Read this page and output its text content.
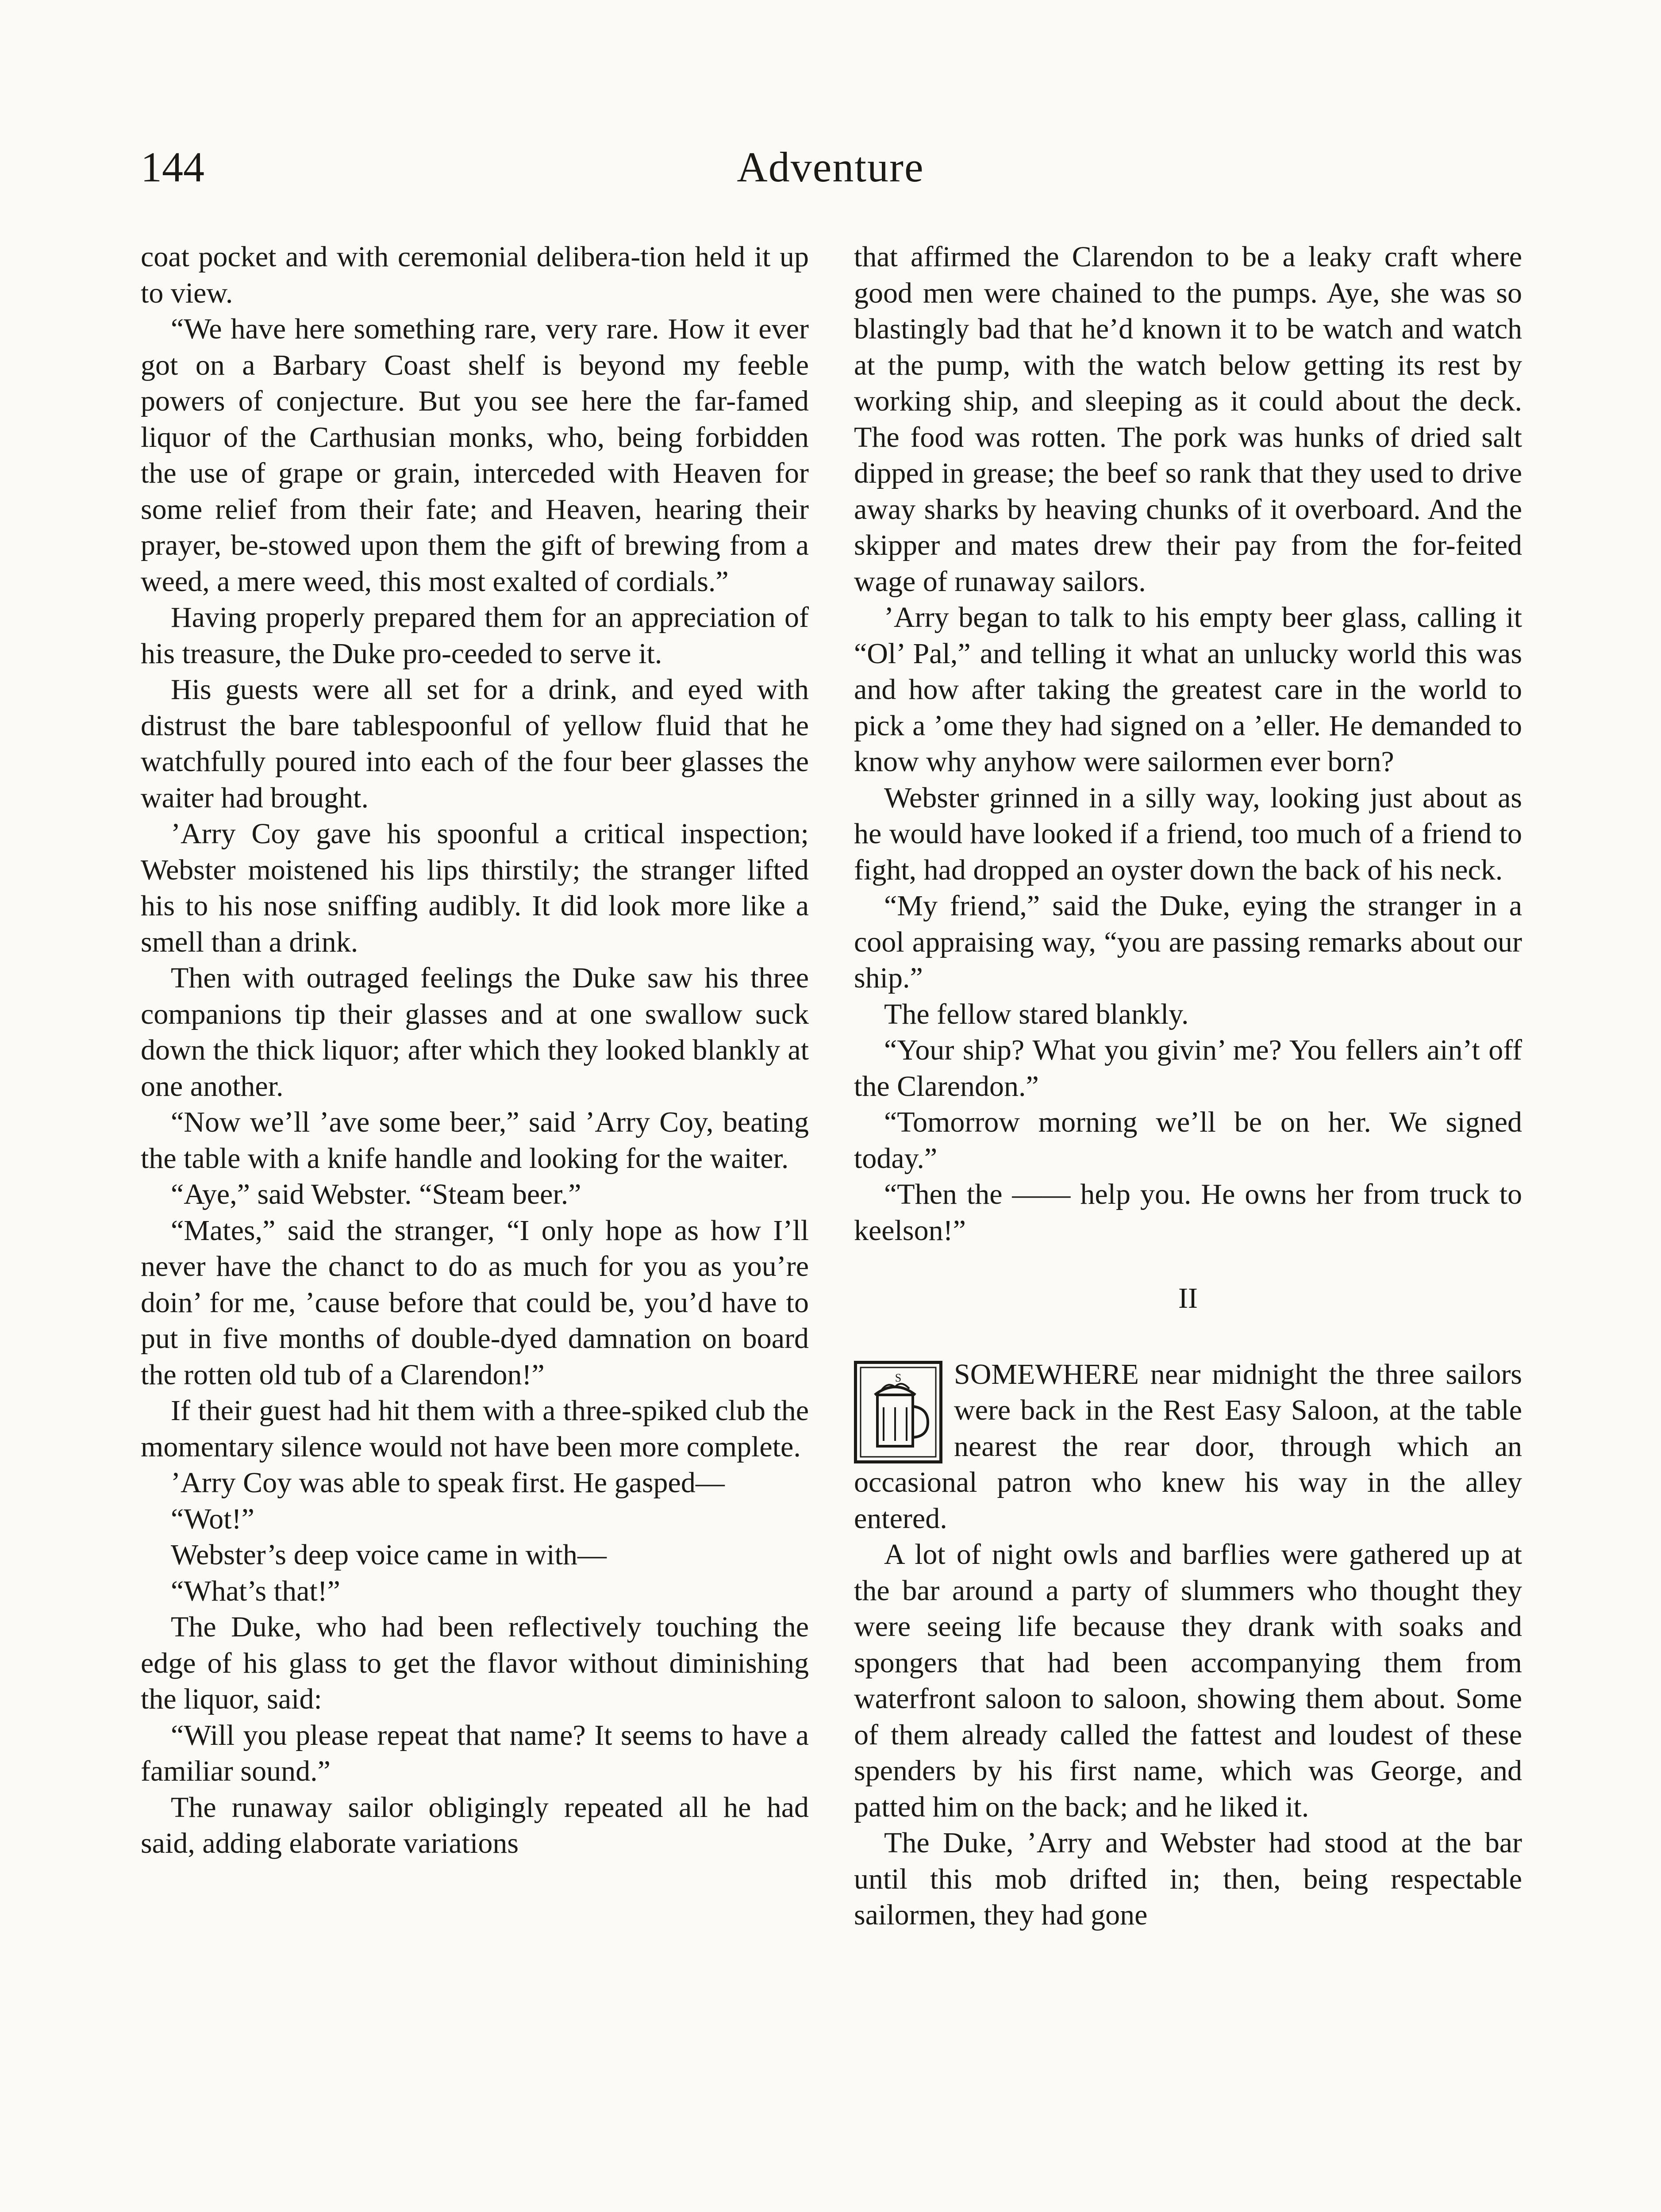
144	Adventure

coat pocket and with ceremonial delibera-tion held it up to view.

“We have here something rare, very rare. How it ever got on a Barbary Coast shelf is beyond my feeble powers of conjecture. But you see here the far-famed liquor of the Carthusian monks, who, being forbidden the use of grape or grain, interceded with Heaven for some relief from their fate; and Heaven, hearing their prayer, be-stowed upon them the gift of brewing from a weed, a mere weed, this most exalted of cordials.”

Having properly prepared them for an appreciation of his treasure, the Duke pro-ceeded to serve it.

His guests were all set for a drink, and eyed with distrust the bare tablespoonful of yellow fluid that he watchfully poured into each of the four beer glasses the waiter had brought.

’Arry Coy gave his spoonful a critical inspection; Webster moistened his lips thirstily; the stranger lifted his to his nose sniffing audibly. It did look more like a smell than a drink.

Then with outraged feelings the Duke saw his three companions tip their glasses and at one swallow suck down the thick liquor; after which they looked blankly at one another.

“Now we’ll ’ave some beer,” said ’Arry Coy, beating the table with a knife handle and looking for the waiter.

“Aye,” said Webster. “Steam beer.”

“Mates,” said the stranger, “I only hope as how I’ll never have the chanct to do as much for you as you’re doin’ for me, ’cause before that could be, you’d have to put in five months of double-dyed damnation on board the rotten old tub of a Clarendon!”

If their guest had hit them with a three-spiked club the momentary silence would not have been more complete.

’Arry Coy was able to speak first. He gasped—

“Wot!”

Webster’s deep voice came in with—

“What’s that!”

The Duke, who had been reflectively touching the edge of his glass to get the flavor without diminishing the liquor, said:

“Will you please repeat that name? It seems to have a familiar sound.”

The runaway sailor obligingly repeated all he had said, adding elaborate variations

that affirmed the Clarendon to be a leaky craft where good men were chained to the pumps. Aye, she was so blastingly bad that he’d known it to be watch and watch at the pump, with the watch below getting its rest by working ship, and sleeping as it could about the deck. The food was rotten. The pork was hunks of dried salt dipped in grease; the beef so rank that they used to drive away sharks by heaving chunks of it overboard. And the skipper and mates drew their pay from the for-feited wage of runaway sailors.

’Arry began to talk to his empty beer glass, calling it “Ol’ Pal,” and telling it what an unlucky world this was and how after taking the greatest care in the world to pick a ’ome they had signed on a ’eller. He demanded to know why anyhow were sailormen ever born?

Webster grinned in a silly way, looking just about as he would have looked if a friend, too much of a friend to fight, had dropped an oyster down the back of his neck.

“My friend,” said the Duke, eying the stranger in a cool appraising way, “you are passing remarks about our ship.”

The fellow stared blankly.

“Your ship? What you givin’ me? You fellers ain’t off the Clarendon.”

“Tomorrow morning we’ll be on her. We signed today.”

“Then the —— help you. He owns her from truck to keelson!”

II

S SOMEWHERE near midnight the three sailors were back in the Rest Easy Saloon, at the table nearest the rear door, through which an occasional patron who knew his way in the alley entered.

A lot of night owls and barflies were gathered up at the bar around a party of slummers who thought they were seeing life because they drank with soaks and spongers that had been accompanying them from waterfront saloon to saloon, showing them about. Some of them already called the fattest and loudest of these spenders by his first name, which was George, and patted him on the back; and he liked it.

The Duke, ’Arry and Webster had stood at the bar until this mob drifted in; then, being respectable sailormen, they had gone
